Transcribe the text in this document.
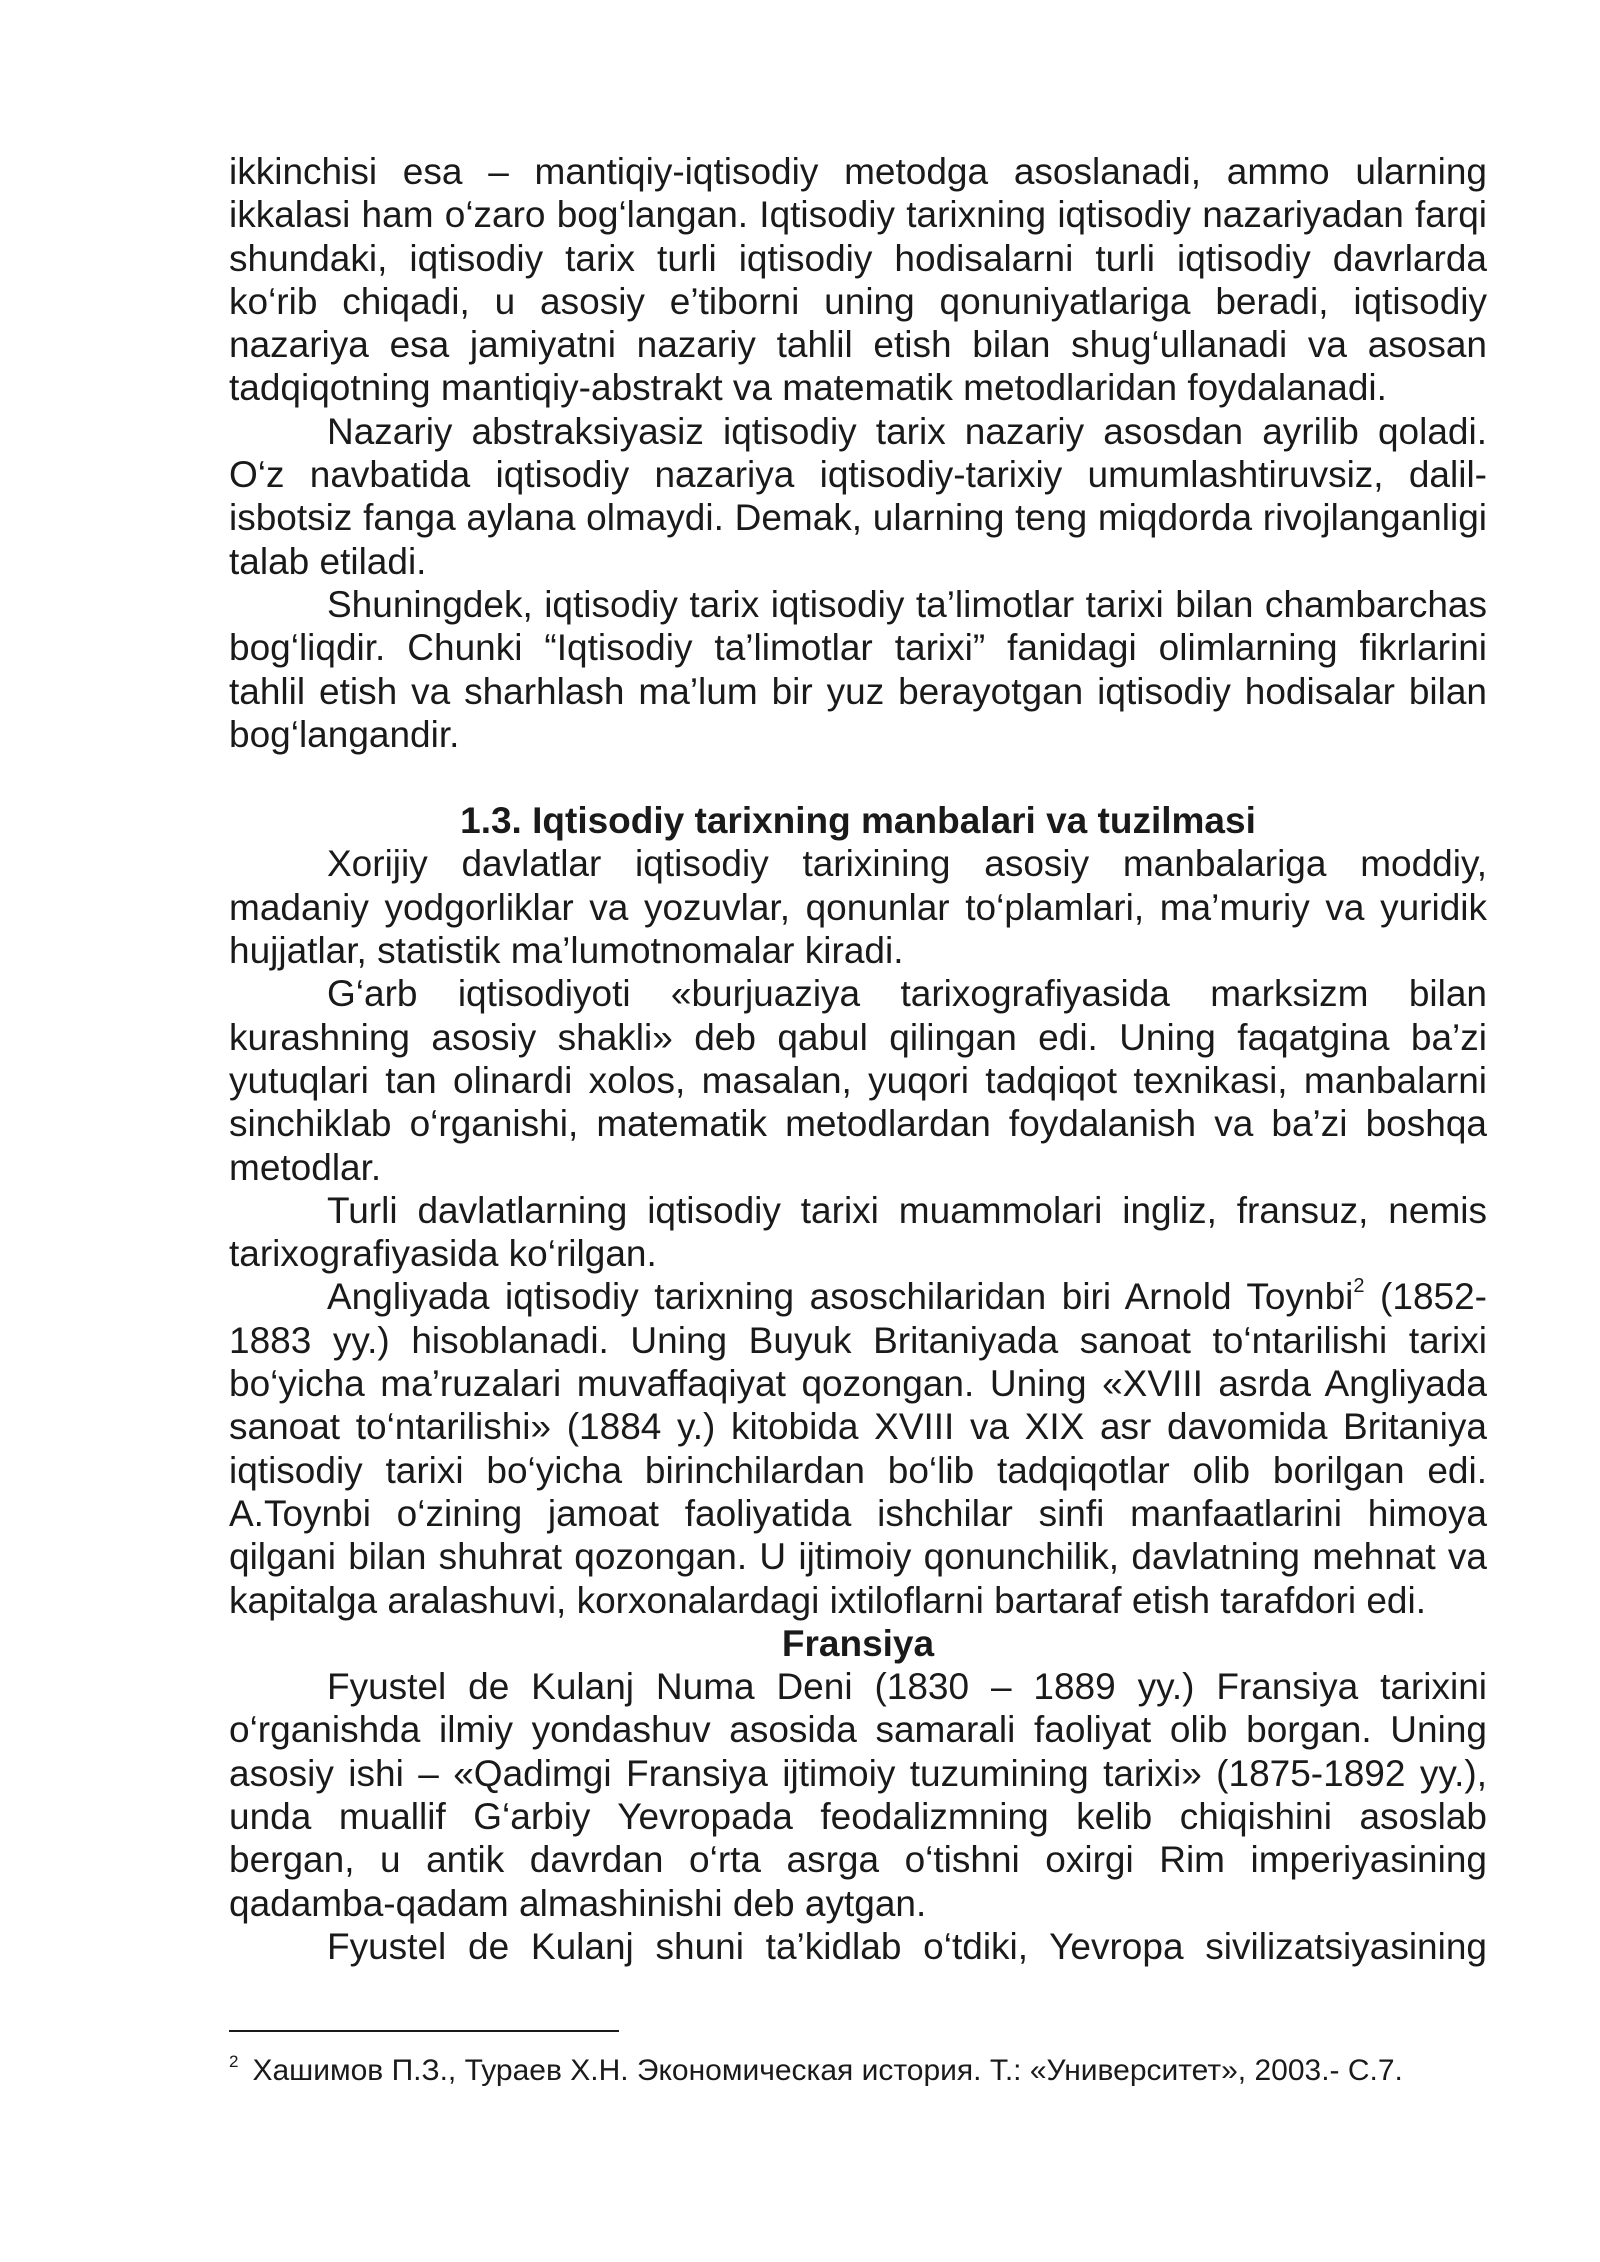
ikkinchisi esa – mantiqiy-iqtisodiy metodga asoslanadi, ammo ularning ikkalasi ham o‘zaro bog‘langan. Iqtisodiy tarixning iqtisodiy nazariyadan farqi shundaki, iqtisodiy tarix turli iqtisodiy hodisalarni turli iqtisodiy davrlarda ko‘rib chiqadi, u asosiy e’tiborni uning qonuniyatlariga beradi, iqtisodiy nazariya esa jamiyatni nazariy tahlil etish bilan shug‘ullanadi va asosan tadqiqotning mantiqiy-abstrakt va matematik metodlaridan foydalanadi.

Nazariy abstraksiyasiz iqtisodiy tarix nazariy asosdan ayrilib qoladi. O‘z navbatida iqtisodiy nazariya iqtisodiy-tarixiy umumlashtiruvsiz, dalil-isbotsiz fanga aylana olmaydi. Demak, ularning teng miqdorda rivojlanganligi talab etiladi.

Shuningdek, iqtisodiy tarix iqtisodiy ta’limotlar tarixi bilan chambarchas bog‘liqdir. Chunki “Iqtisodiy ta’limotlar tarixi” fanidagi olimlarning fikrlarini tahlil etish va sharhlash ma’lum bir yuz berayotgan iqtisodiy hodisalar bilan bog‘langandir.

1.3. Iqtisodiy tarixning manbalari va tuzilmasi

Xorijiy davlatlar iqtisodiy tarixining asosiy manbalariga moddiy, madaniy yodgorliklar va yozuvlar, qonunlar to‘plamlari, ma’muriy va yuridik hujjatlar, statistik ma’lumotnomalar kiradi.

G‘arb iqtisodiyoti «burjuaziya tarixografiyasida marksizm bilan kurashning asosiy shakli» deb qabul qilingan edi. Uning faqatgina ba’zi yutuqlari tan olinardi xolos, masalan, yuqori tadqiqot texnikasi, manbalarni sinchiklab o‘rganishi, matematik metodlardan foydalanish va ba’zi boshqa metodlar.

Turli davlatlarning iqtisodiy tarixi muammolari ingliz, fransuz, nemis tarixografiyasida ko‘rilgan.

Angliyada iqtisodiy tarixning asoschilaridan biri Arnold Toynbi$^2$ (1852-1883 yy.) hisoblanadi. Uning Buyuk Britaniyada sanoat to‘ntarilishi tarixi bo‘yicha ma’ruzalari muvaffaqiyat qozongan. Uning «XVIII asrda Angliyada sanoat to‘ntarilishi» (1884 y.) kitobida XVIII va XIX asr davomida Britaniya iqtisodiy tarixi bo‘yicha birinchilardan bo‘lib tadqiqotlar olib borilgan edi. A.Toynbi o‘zining jamoat faoliyatida ishchilar sinfi manfaatlarini himoya qilgani bilan shuhrat qozongan. U ijtimoiy qonunchilik, davlatning mehnat va kapitalga aralashuvi, korxonalardagi ixtiloflarni bartaraf etish tarafdori edi.

Fransiya

Fyustel de Kulanj Numa Deni (1830 – 1889 yy.) Fransiya tarixini o‘rganishda ilmiy yondashuv asosida samarali faoliyat olib borgan. Uning asosiy ishi – «Qadimgi Fransiya ijtimoiy tuzumining tarixi» (1875-1892 yy.), unda muallif G‘arbiy Yevropada feodalizmning kelib chiqishini asoslab bergan, u antik davrdan o‘rta asrga o‘tishni oxirgi Rim imperiyasining qadamba-qadam almashinishi deb aytgan.

Fyustel de Kulanj shuni ta’kidlab o‘tdiki, Yevropa sivilizatsiyasining

$^2$ Хашимов П.З., Тураев Х.Н. Экономическая история. Т.: «Университет», 2003.- С.7.
